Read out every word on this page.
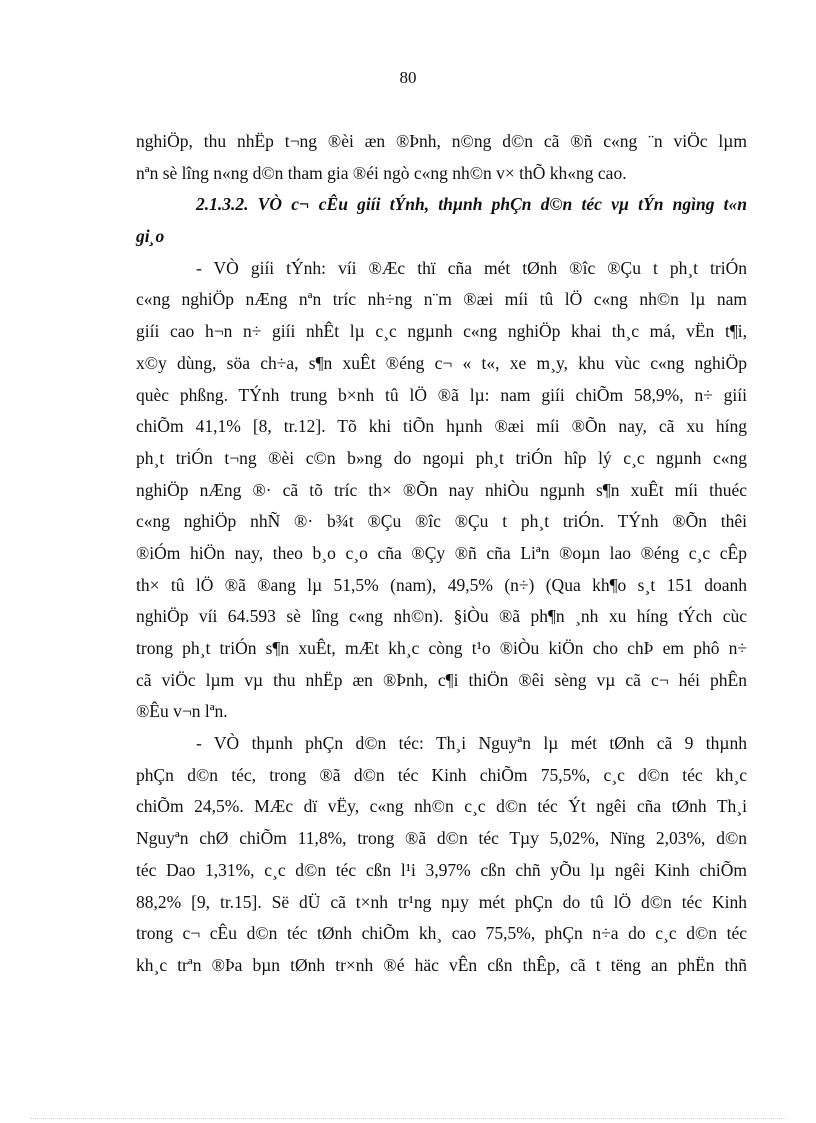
80
nghiÖp, thu nhËp t¬ng ®èi æn ®Þnh, n©ng d©n cã ®ñ c«ng ¨n viÖc lµm
nªn sè lîng n«ng d©n tham gia ®éi ngò c«ng nh©n v× thÕ kh«ng cao.
2.1.3.2. VÒ c¬ cÊu giíi tÝnh, thµnh phÇn d©n téc vµ tÝn ngìng t«n
gi¸o
- VÒ giíi tÝnh: víi ®Æc thï cña mét tØnh ®îc ®Çu t ph¸t triÓn
c«ng nghiÖp nÆng nªn tríc nh÷ng n¨m ®æi míi tû lÖ c«ng nh©n lµ nam
giíi cao h¬n n÷ giíi nhÊt lµ c¸c ngµnh c«ng nghiÖp khai th¸c má, vËn t¶i,
x©y dùng, söa ch÷a, s¶n xuÊt ®éng c¬ « t«, xe m¸y, khu vùc c«ng nghiÖp
quèc phßng. TÝnh trung b×nh tû lÖ ®ã lµ: nam giíi chiÕm 58,9%, n÷ giíi
chiÕm 41,1% [8, tr.12]. Tõ khi tiÕn hµnh ®æi míi ®Õn nay, cã xu híng
ph¸t triÓn t¬ng ®èi c©n b»ng do ngoµi ph¸t triÓn hîp lý c¸c ngµnh c«ng
nghiÖp nÆng ®· cã tõ tríc th× ®Õn nay nhiÒu ngµnh s¶n xuÊt míi thuéc
c«ng nghiÖp nhÑ ®· b¾t ®Çu ®îc ®Çu t ph¸t triÓn. TÝnh ®Õn thêi
®iÓm hiÖn nay, theo b¸o c¸o cña ®Çy ®ñ cña Liªn ®oµn lao ®éng c¸c cÊp
th× tû lÖ ®ã ®ang lµ 51,5% (nam), 49,5% (n÷) (Qua kh¶o s¸t 151 doanh
nghiÖp víi 64.593 sè lîng c«ng nh©n). §iÒu ®ã ph¶n ¸nh xu híng tÝch cùc
trong ph¸t triÓn s¶n xuÊt, mÆt kh¸c còng t¹o ®iÒu kiÖn cho chÞ em phô n÷
cã viÖc lµm vµ thu nhËp æn ®Þnh, c¶i thiÖn ®êi sèng vµ cã c¬ héi phÊn
®Êu v¬n lªn.
- VÒ thµnh phÇn d©n téc: Th¸i Nguyªn lµ mét tØnh cã 9 thµnh
phÇn d©n téc, trong ®ã d©n téc Kinh chiÕm 75,5%, c¸c d©n téc kh¸c
chiÕm 24,5%. MÆc dï vËy, c«ng nh©n c¸c d©n téc Ýt ngêi cña tØnh Th¸i
Nguyªn chØ chiÕm 11,8%, trong ®ã d©n téc Tµy 5,02%, Nïng 2,03%, d©n
téc Dao 1,31%, c¸c d©n téc cßn l¹i 3,97% cßn chñ yÕu lµ ngêi Kinh chiÕm
88,2% [9, tr.15]. Së dÜ cã t×nh tr¹ng nµy mét phÇn do tû lÖ d©n téc Kinh
trong c¬ cÊu d©n téc tØnh chiÕm kh¸ cao 75,5%, phÇn n÷a do c¸c d©n téc
kh¸c trªn ®Þa bµn tØnh tr×nh ®é häc vÊn cßn thÊp, cã t tëng an phËn thñ
